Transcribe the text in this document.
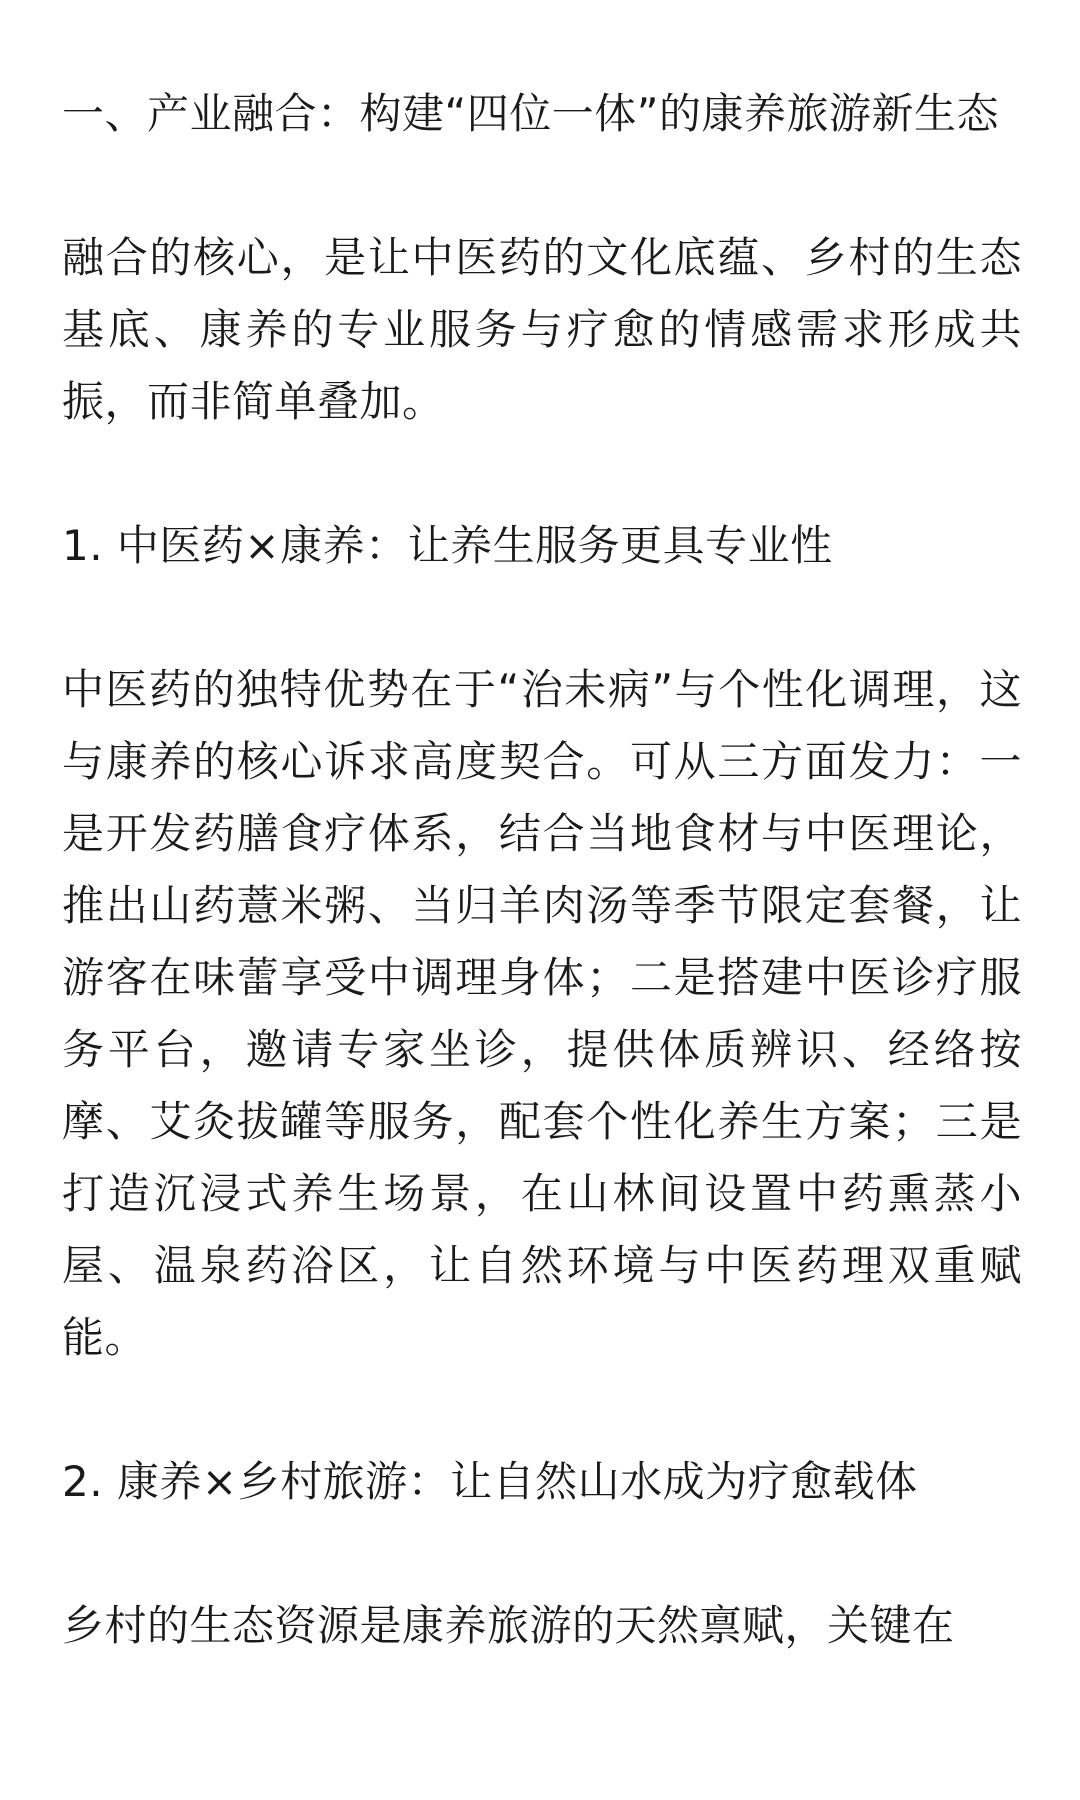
一、产业融合：构建“四位一体”的康养旅游新生态

融合的核心，是让中医药的文化底蕴、乡村的生态基底、康养的专业服务与疗愈的情感需求形成共振，而非简单叠加。

1. 中医药×康养：让养生服务更具专业性

中医药的独特优势在于“治未病”与个性化调理，这与康养的核心诉求高度契合。可从三方面发力：一是开发药膳食疗体系，结合当地食材与中医理论，推出山药薏米粥、当归羊肉汤等季节限定套餐，让游客在味蕾享受中调理身体；二是搭建中医诊疗服务平台，邀请专家坐诊，提供体质辨识、经络按摩、艾灸拔罐等服务，配套个性化养生方案；三是打造沉浸式养生场景，在山林间设置中药熏蒸小屋、温泉药浴区，让自然环境与中医药理双重赋能。

2. 康养×乡村旅游：让自然山水成为疗愈载体

乡村的生态资源是康养旅游的天然禀赋，关键在
